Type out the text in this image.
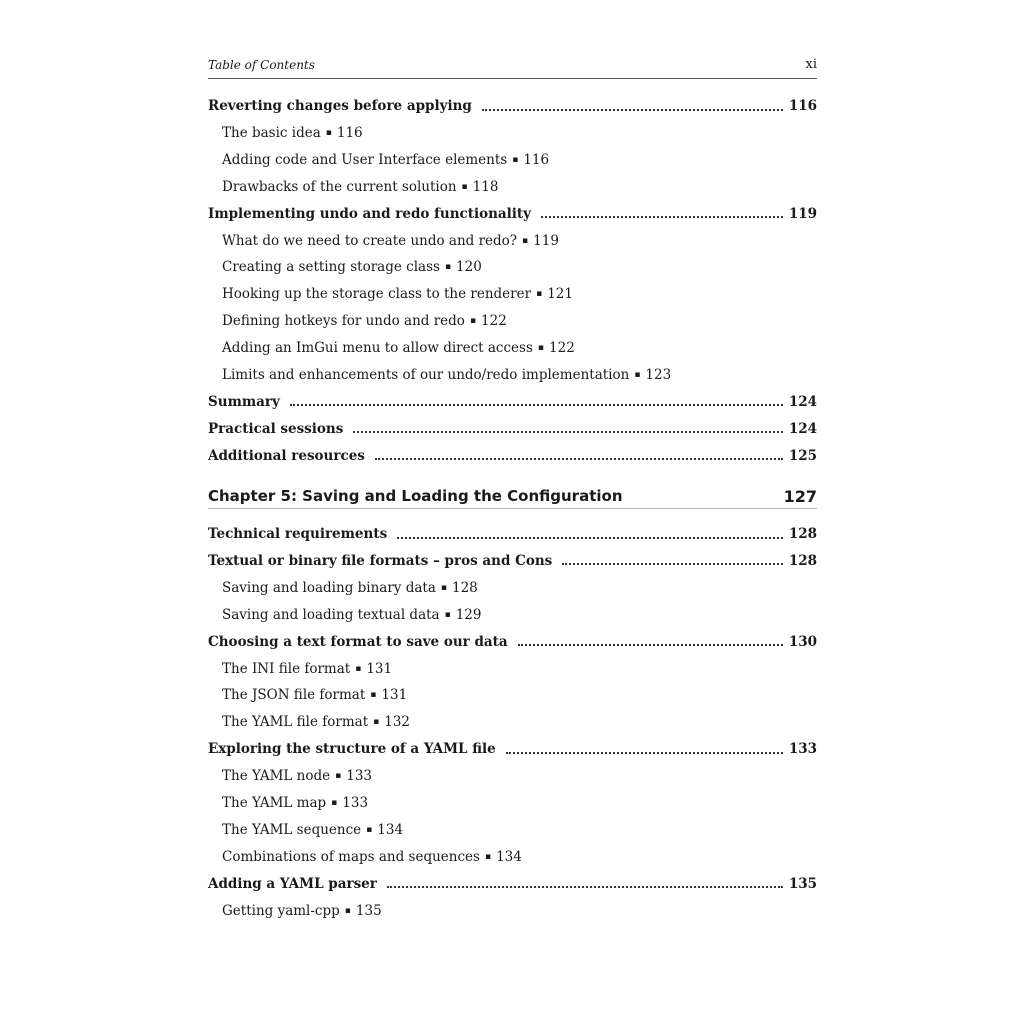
Table of Contents	xi
Reverting changes before applying	116
The basic idea ▪ 116
Adding code and User Interface elements ▪ 116
Drawbacks of the current solution ▪ 118
Implementing undo and redo functionality	119
What do we need to create undo and redo? ▪ 119
Creating a setting storage class ▪ 120
Hooking up the storage class to the renderer ▪ 121
Defining hotkeys for undo and redo ▪ 122
Adding an ImGui menu to allow direct access ▪ 122
Limits and enhancements of our undo/redo implementation ▪ 123
Summary	124
Practical sessions	124
Additional resources	125
Chapter 5: Saving and Loading the Configuration	127
Technical requirements	128
Textual or binary file formats – pros and Cons	128
Saving and loading binary data ▪ 128
Saving and loading textual data ▪ 129
Choosing a text format to save our data	130
The INI file format ▪ 131
The JSON file format ▪ 131
The YAML file format ▪ 132
Exploring the structure of a YAML file	133
The YAML node ▪ 133
The YAML map ▪ 133
The YAML sequence ▪ 134
Combinations of maps and sequences ▪ 134
Adding a YAML parser	135
Getting yaml-cpp ▪ 135
